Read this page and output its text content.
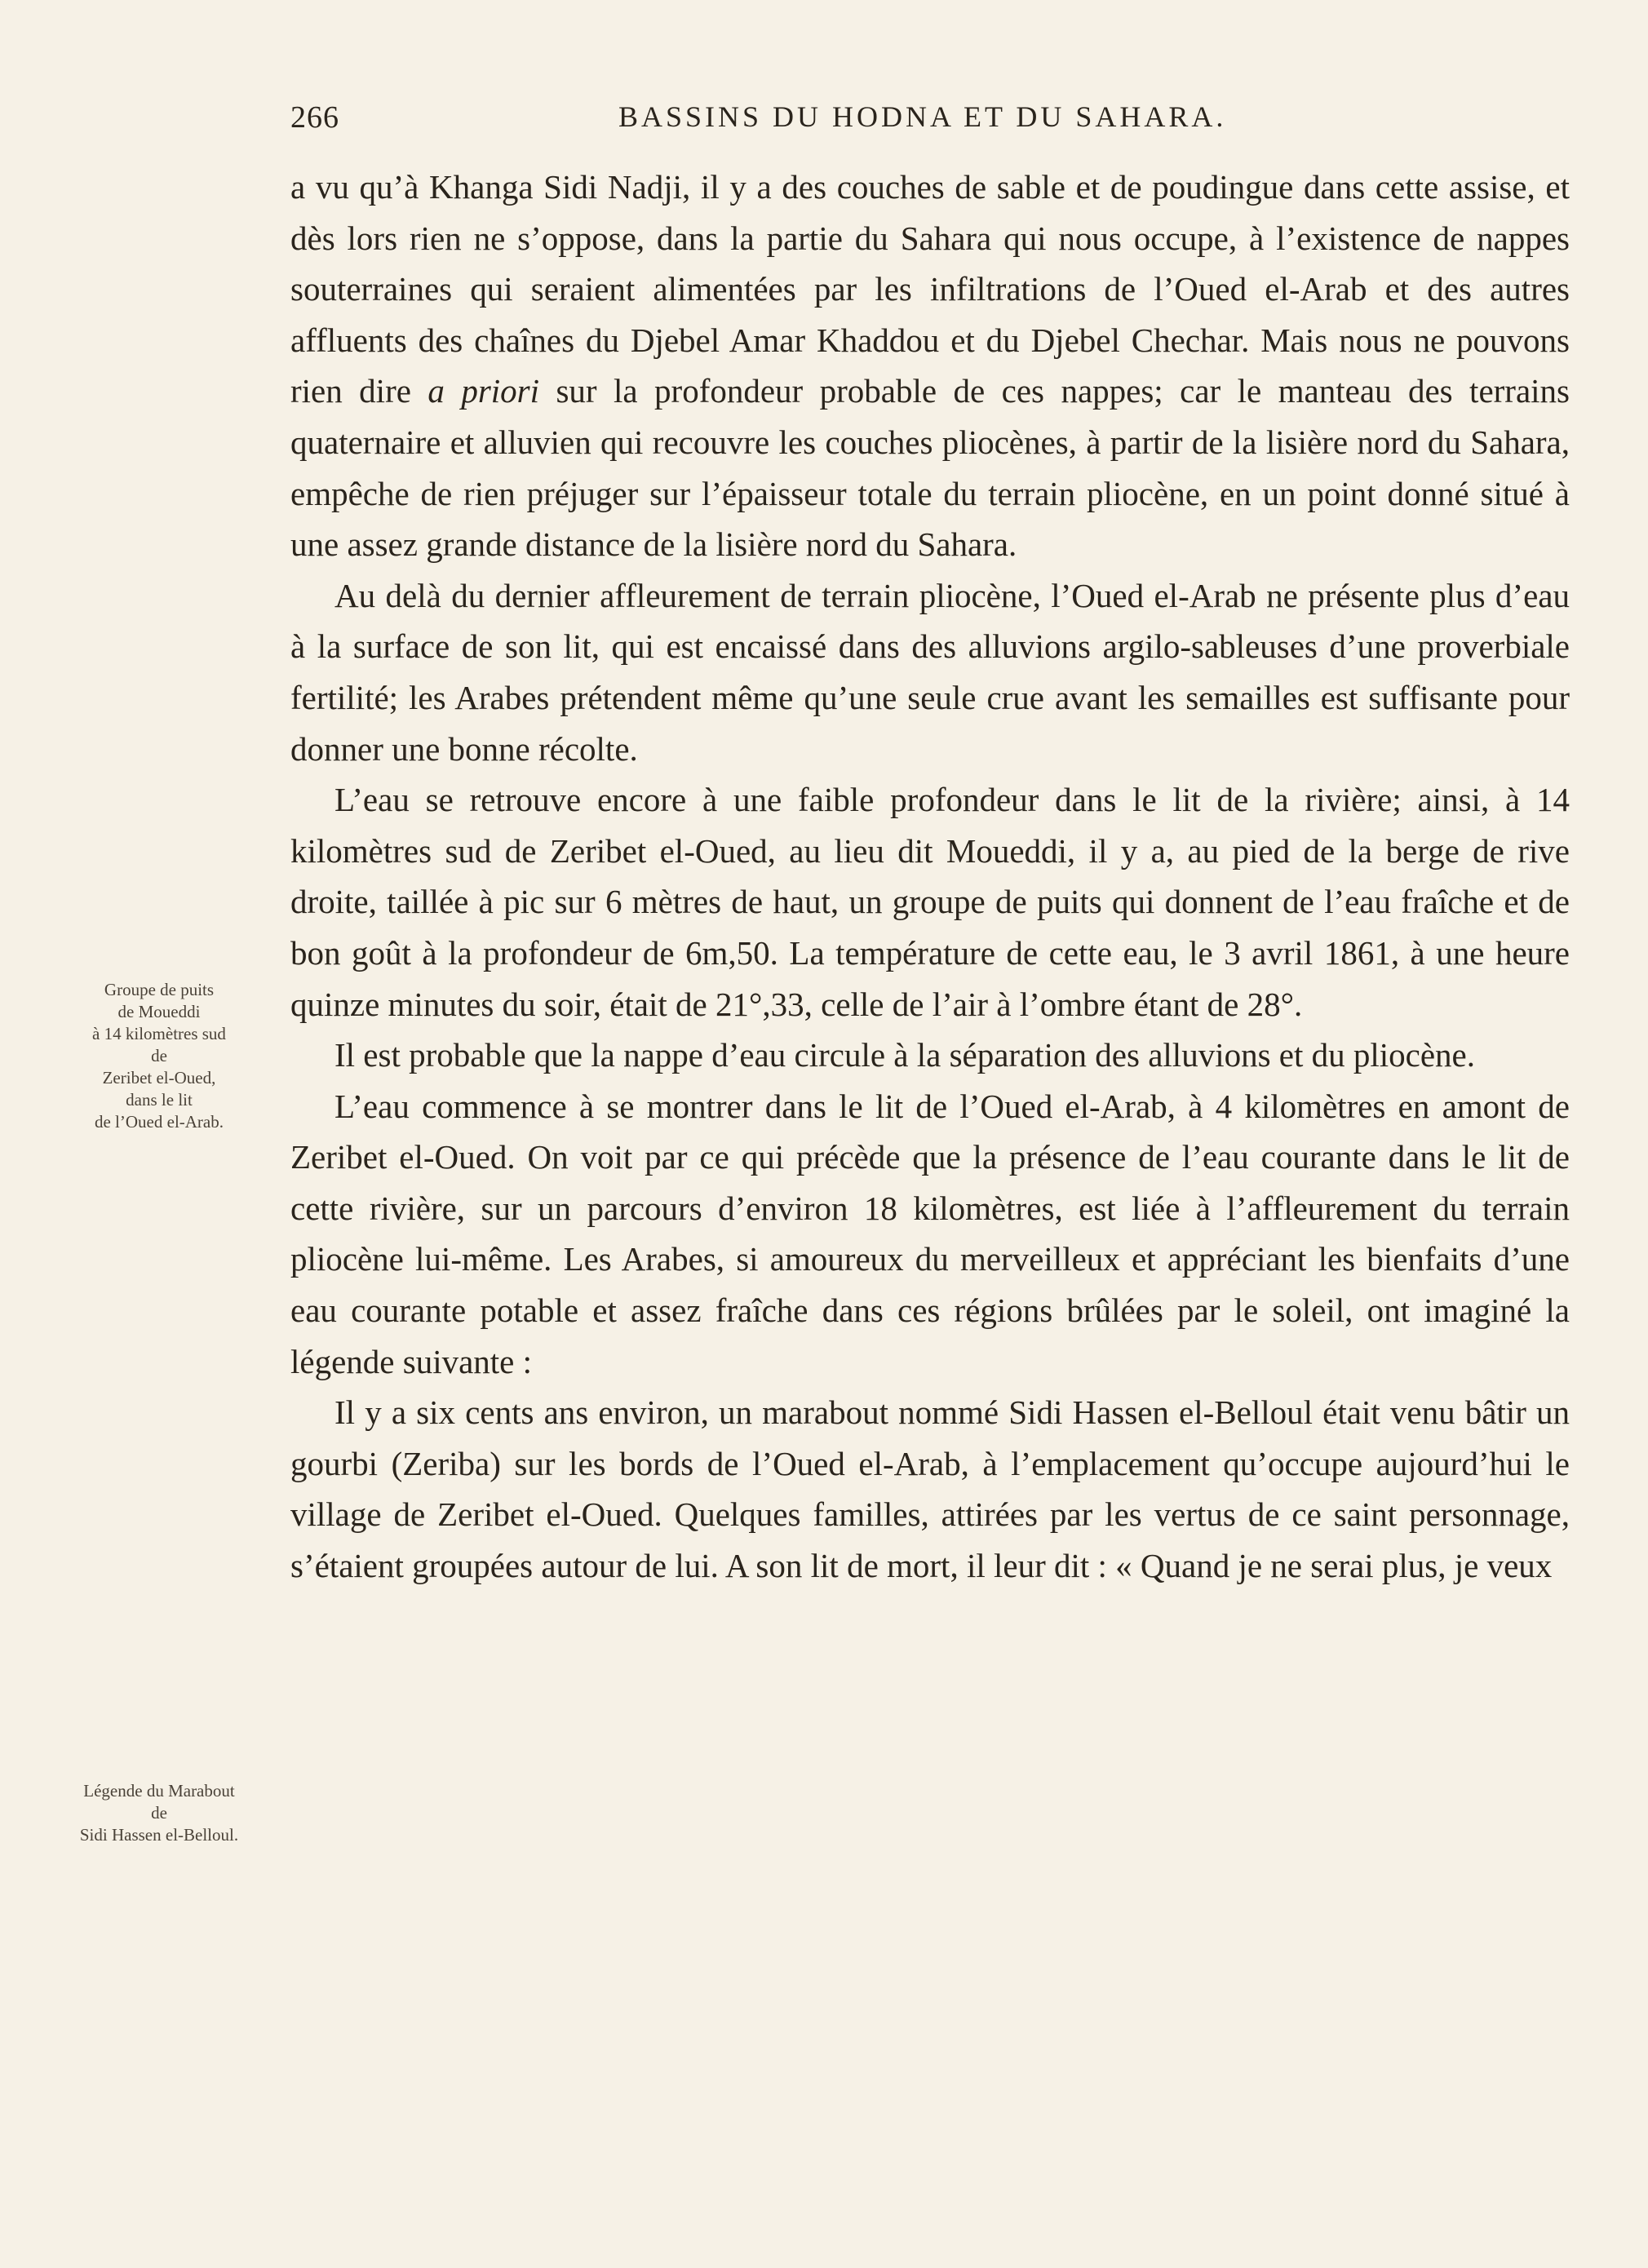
266	BASSINS DU HODNA ET DU SAHARA.
Groupe de puits
de Moueddi
à 14 kilomètres sud
de
Zeribet el-Oued,
dans le lit
de l’Oued el-Arab.
Légende du Marabout
de
Sidi Hassen el-Belloul.

a vu qu’à Khanga Sidi Nadji, il y a des couches de sable et de poudingue dans cette assise, et dès lors rien ne s’oppose, dans la partie du Sahara qui nous occupe, à l’existence de nappes souterraines qui seraient alimentées par les infiltrations de l’Oued el-Arab et des autres affluents des chaînes du Djebel Amar Khaddou et du Djebel Chechar. Mais nous ne pouvons rien dire a priori sur la profondeur probable de ces nappes; car le manteau des terrains quaternaire et alluvien qui recouvre les couches pliocènes, à partir de la lisière nord du Sahara, empêche de rien préjuger sur l’épaisseur totale du terrain pliocène, en un point donné situé à une assez grande distance de la lisière nord du Sahara.

Au delà du dernier affleurement de terrain pliocène, l’Oued el-Arab ne présente plus d’eau à la surface de son lit, qui est encaissé dans des alluvions argilo-sableuses d’une proverbiale fertilité; les Arabes prétendent même qu’une seule crue avant les semailles est suffisante pour donner une bonne récolte.

L’eau se retrouve encore à une faible profondeur dans le lit de la rivière; ainsi, à 14 kilomètres sud de Zeribet el-Oued, au lieu dit Moueddi, il y a, au pied de la berge de rive droite, taillée à pic sur 6 mètres de haut, un groupe de puits qui donnent de l’eau fraîche et de bon goût à la profondeur de 6m,50. La température de cette eau, le 3 avril 1861, à une heure quinze minutes du soir, était de 21°,33, celle de l’air à l’ombre étant de 28°.

Il est probable que la nappe d’eau circule à la séparation des alluvions et du pliocène.

L’eau commence à se montrer dans le lit de l’Oued el-Arab, à 4 kilomètres en amont de Zeribet el-Oued. On voit par ce qui précède que la présence de l’eau courante dans le lit de cette rivière, sur un parcours d’environ 18 kilomètres, est liée à l’affleurement du terrain pliocène lui-même. Les Arabes, si amoureux du merveilleux et appréciant les bienfaits d’une eau courante potable et assez fraîche dans ces régions brûlées par le soleil, ont imaginé la légende suivante :

Il y a six cents ans environ, un marabout nommé Sidi Hassen el-Belloul était venu bâtir un gourbi (Zeriba) sur les bords de l’Oued el-Arab, à l’emplacement qu’occupe aujourd’hui le village de Zeribet el-Oued. Quelques familles, attirées par les vertus de ce saint personnage, s’étaient groupées autour de lui. A son lit de mort, il leur dit : « Quand je ne serai plus, je veux
